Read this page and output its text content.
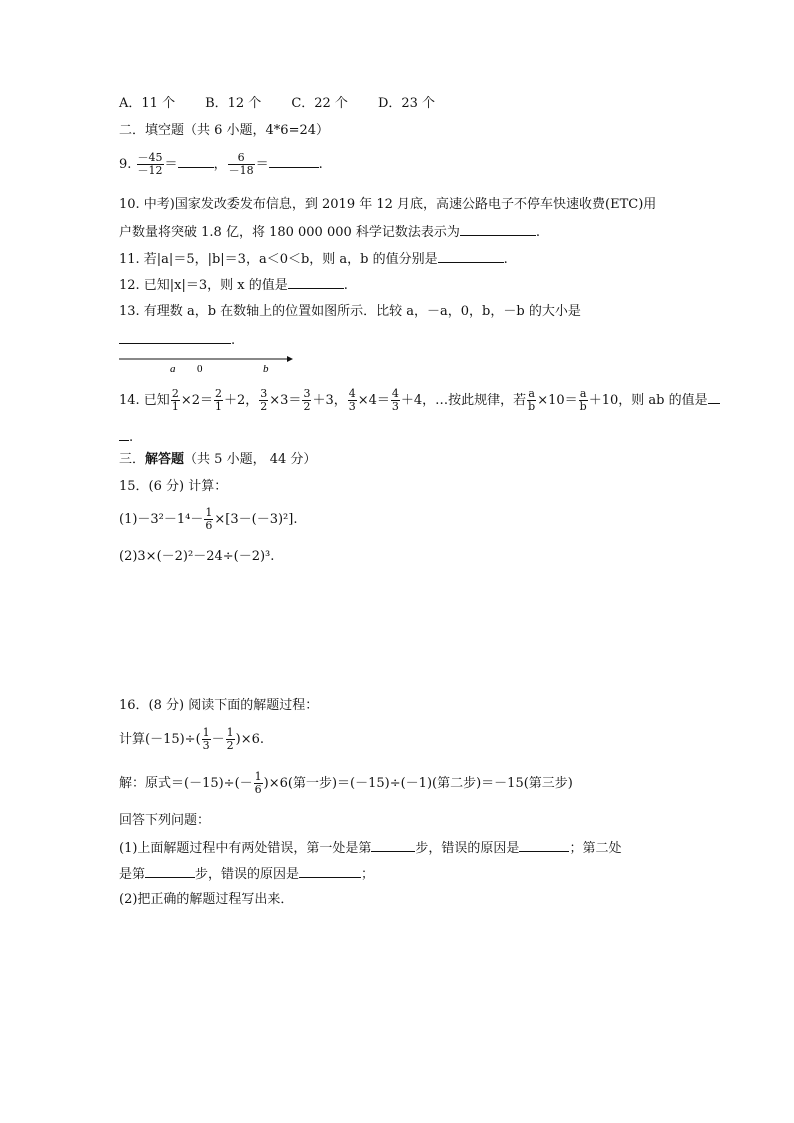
A．11 个 B．12 个 C．22 个 D．23 个
二．填空题（共 6 小题，4*6=24）
9. $\frac{-45}{-12}$ ＝	， $\frac{6}{-18}$ ＝	.
10. 中考)国家发改委发布信息，到 2019 年 12 月底，高速公路电子不停车快速收费(ETC)用
户数量将突破 1.8 亿，将 180 000 000 科学记数法表示为	.
11. 若|a|＝5，|b|＝3，a＜0＜b，则 a，b 的值分别是	.
12. 已知|x|＝3，则 x 的值是	.
13. 有理数 a，b 在数轴上的位置如图所示．比较 a，－a，0，b，－b 的大小是
.
a 0	b
14. 已知 $\frac{2}{1} \times 2= \frac{2}{1} +2$， $\frac{3}{2} \times 3= \frac{3}{2} +3$， $\frac{4}{3} \times 4= \frac{4}{3} +4$，…按此规律，若 $\frac{a}{b} \times 10= \frac{a}{b} +10$，则 ab 的值是
.
三．解答题（共 5 小题， 44 分）
15．(6 分) 计算：
$(1)-3^2-1^4- \frac{1}{6} \times[3-(-3)^2]$.
(2)3×(－2)²－24÷(－2)³.
16．(8 分) 阅读下面的解题过程：
计算$(-15)\div( \frac{1}{3} - \frac{1}{2} )\times 6$.
解：原式$=(-15)\div(- \frac{1}{6} )\times 6$(第一步)＝(－15)÷(－1)(第二步)＝－15(第三步)
回答下列问题：
(1)上面解题过程中有两处错误，第一处是第	步，错误的原因是	；第二处
是第	步，错误的原因是	；
(2)把正确的解题过程写出来．
